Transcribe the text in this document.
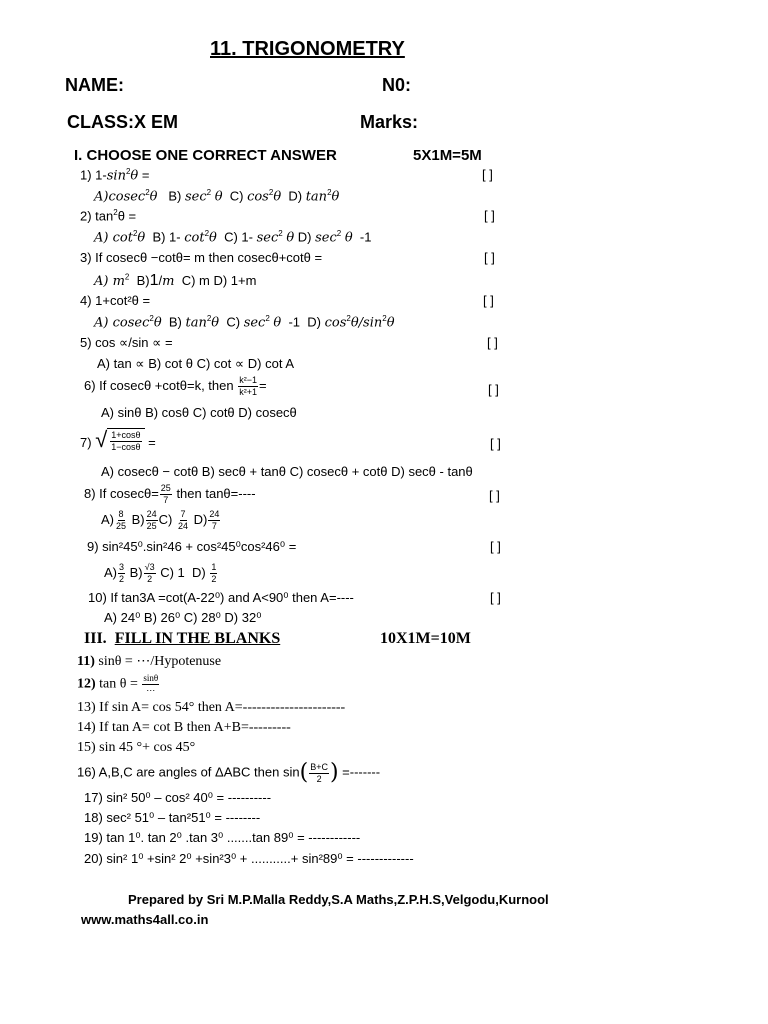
11. TRIGONOMETRY
NAME:	N0:
CLASS:X EM	Marks:
I. CHOOSE ONE CORRECT ANSWER	5X1M=5M
1) $1-\sin^2\theta$ =	[ ]
A)cosec$^2$θ   B) $\sec^2 \theta$  C) $\cos^2\theta$  D) $\tan^2\theta$
2) $\tan^2\theta$ =	[ ]
A) $\cot^2\theta$  B) 1- $\cot^2\theta$  C) 1- $\sec^2 \theta$ D) $\sec^2 \theta$  -1
3) If cosecθ −cotθ= m then cosecθ+cotθ =	[ ]
A) $m^2$  B)1/m C) m D) 1+m
4) 1+cot²θ =	[ ]
A) cosec$^2$θ  B) $\tan^2\theta$  C) $\sec^2 \theta$  -1  D) $\cos^2\theta/\sin^2\theta$
5) cos ∝/sin ∝ =	[ ]
A) tan ∝ B) cot θ C) cot ∝ D) cot A
6) If cosecθ +cotθ=k, then $\frac{\text{k²−1}}{\text{k²+1}}$ =	[ ]
A) sinθ B) cosθ C) cotθ D) cosecθ
7) √ $\frac{1+\cos\theta}{1-\cos\theta}$ =	[ ]
A) cosecθ − cotθ B) secθ + tanθ C) cosecθ + cotθ D) secθ - tanθ
8) If $cosec\theta= \frac{25}{7}$ then tanθ=----	[ ]
$A) \frac{8}{25} B) \frac{24}{25} C) \frac{7}{24} D) \frac{24}{7}$
9) sin²45⁰.sin²46 + cos²45⁰cos²46⁰ =	[ ]
$A) \frac{3}{2} B) \frac{√3}{2} C$) 1 $D) \frac{1}{2}$
10) If tan3A =cot(A-22⁰) and A<90⁰ then A=----	[ ]
A) 24⁰ B) 26⁰ C) 28⁰ D) 32⁰
III. FILL IN THE BLANKS	10X1M=10M
11) sinθ = ⋯/Hypotenuse
12) tan θ = sinθ
⋯
13) If sin A= cos 54° then A=----------------------
14) If tan A= cot B then A+B=---------
15) sin 45 °+ cos 45°
16) A,B,C are angles of ΔABC then $\sin( \frac{B+C}{2}$ ) =-------
17) sin² 50⁰ – cos² 40⁰ = ----------
18) sec² 51⁰ – tan²51⁰ = --------
19) tan 1⁰. tan 2⁰ .tan 3⁰ .......tan 89⁰ = ------------
20) sin² 1⁰ +sin² 2⁰ +sin²3⁰ + ...........+ sin²89⁰ = -------------
Prepared by Sri M.P.Malla Reddy,S.A Maths,Z.P.H.S,Velgodu,Kurnool
www.maths4all.co.in
